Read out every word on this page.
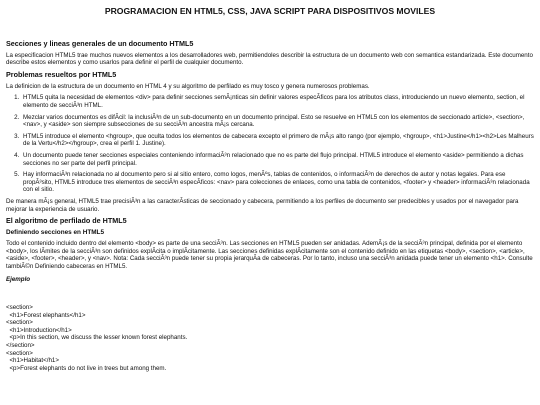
PROGRAMACION EN HTML5, CSS, JAVA SCRIPT PARA DISPOSITIVOS MOVILES
Secciones y lineas generales de un documento HTML5

La especificacion HTML5 trae muchos nuevos elementos a los desarrolladores web, permitiendoles describir la estructura de un documento web con semantica estandarizada. Este documento describe estos elementos y como usarlos para definir el perfil de cualquier documento.

Problemas resueltos por HTML5

La definicion de la estructura de un documento en HTML 4 y su algoritmo de perfilado es muy tosco y genera numerosos problemas.

1. HTML5 quita la necesidad de elementos <div> para definir secciones semÃ¡nticas sin definir valores especÃficos para los atributos class, introduciendo un nuevo elemento, section, el elemento de secciÃ³n HTML.
2. Mezclar varios documentos es difÃcil: la inclusiÃ³n de un sub-documento en un documento principal. Esto se resuelve en HTML5 con los elementos de seccionado article>, <section>, <nav>, y <aside> son siempre subsecciones de su secciÃ³n ancestra mÃ¡s cercana.
3. HTML5 introduce el elemento <hgroup>, que oculta todos los elementos de cabecera excepto el primero de mÃ¡s alto rango (por ejemplo, <hgroup>, <h1>Justine</h1><h2>Les Malheurs de la Vertu</h2></hgroup>, crea el perfil 1. Justine).
4. Un documento puede tener secciones especiales conteniendo informaciÃ³n relacionado que no es parte del flujo principal. HTML5 introduce el elemento <aside> permitiendo a dichas secciones no ser parte del perfil principal.
5. Hay informaciÃ³n relacionada no al documento pero si al sitio entero, como logos, menÃºs, tablas de contenidos, o informaciÃ³n de derechos de autor y notas legales. Para ese propÃ³sito, HTML5 introduce tres elementos de secciÃ³n especÃficos: <nav> para colecciones de enlaces, como una tabla de contenidos, <footer> y <header> informaciÃ³n relacionada con el sitio.

De manera mÃ¡s general, HTML5 trae precisiÃ³n a las caracterÃsticas de seccionado y cabecera, permitiendo a los perfiles de documento ser predecibles y usados por el navegador para mejorar la experiencia de usuario.

El algoritmo de perfilado de HTML5
Definiendo secciones en HTML5

Todo el contenido incluido dentro del elemento <body> es parte de una secciÃ³n. Las secciones en HTML5 pueden ser anidadas. AdemÃ¡s de la secciÃ³n principal, definida por el elemento <body>, los lÃmites de la secciÃ³n son definidos explÃcita o implÃcitamente. Las secciones definidas explÃcitamente son el contenido definido en las etiquetas <body>, <section>, <article>, <aside>, <footer>, <header>, y <nav>. Nota: Cada secciÃ³n puede tener su propia jerarquÃa de cabeceras. Por lo tanto, incluso una secciÃ³n anidada puede tener un elemento <h1>. Consulte tambiÃ©n Definiendo cabeceras en HTML5.

Ejemplo
<section>
<h1>Forest elephants</h1>
<section>
<h1>Introduction</h1>
<p>In this section, we discuss the lesser known forest elephants.
</section>
<section>
<h1>Habitat</h1>
<p>Forest elephants do not live in trees but among them.
